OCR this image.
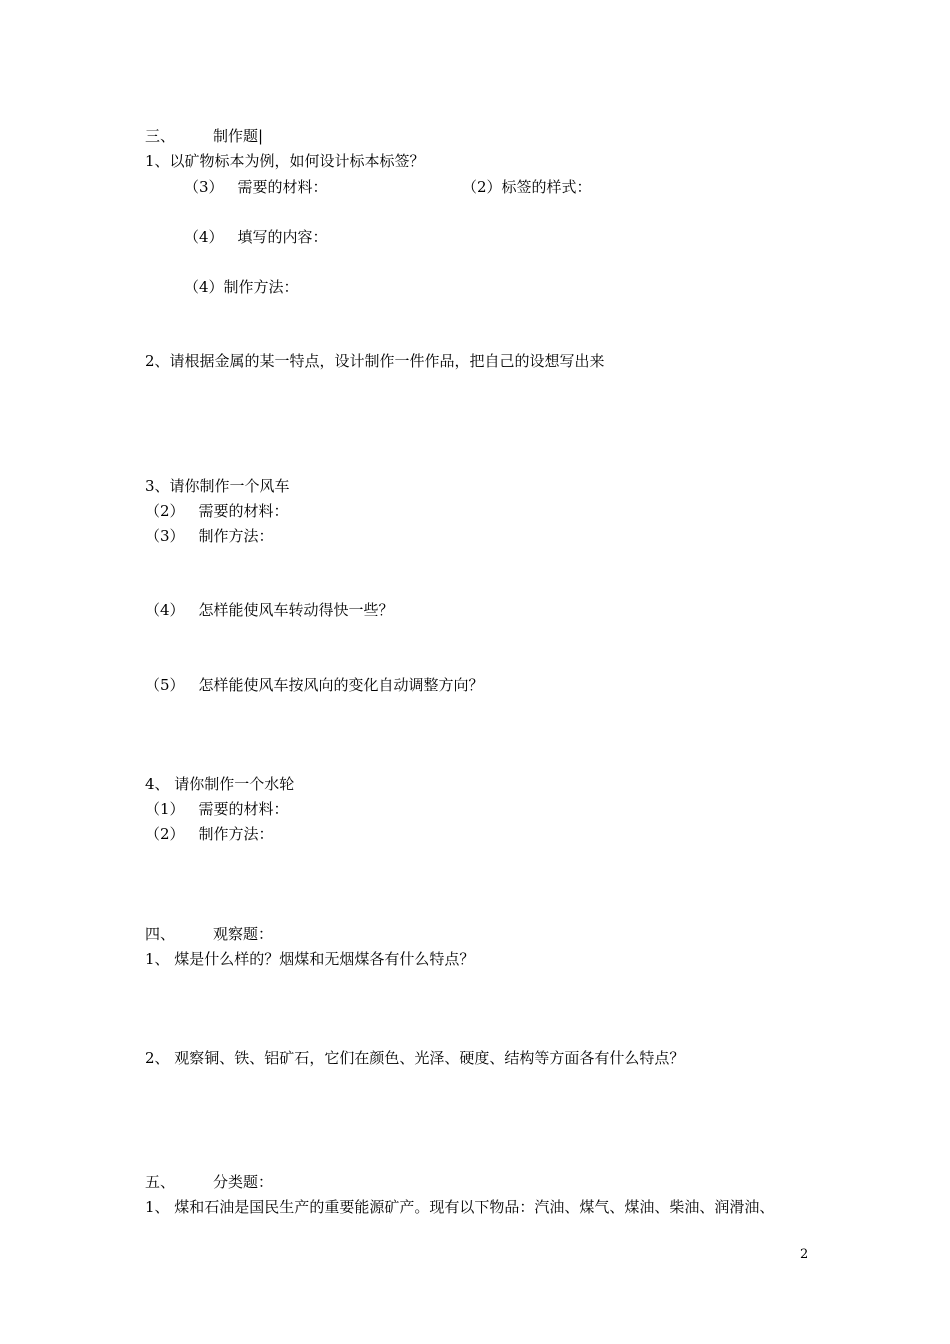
三、	制作题|
1、以矿物标本为例，如何设计标本标签？
（3） 需要的材料：	（2）标签的样式：
（4） 填写的内容：
（4）制作方法：
2、请根据金属的某一特点，设计制作一件作品，把自己的设想写出来
3、请你制作一个风车
（2） 需要的材料：
（3） 制作方法：
（4） 怎样能使风车转动得快一些？
（5） 怎样能使风车按风向的变化自动调整方向？
4、 请你制作一个水轮
（1） 需要的材料：
（2） 制作方法：
四、	观察题：
1、 煤是什么样的？烟煤和无烟煤各有什么特点？
2、 观察铜、铁、铝矿石，它们在颜色、光泽、硬度、结构等方面各有什么特点？
五、	分类题：
1、 煤和石油是国民生产的重要能源矿产。现有以下物品：汽油、煤气、煤油、柴油、润滑油、
2
